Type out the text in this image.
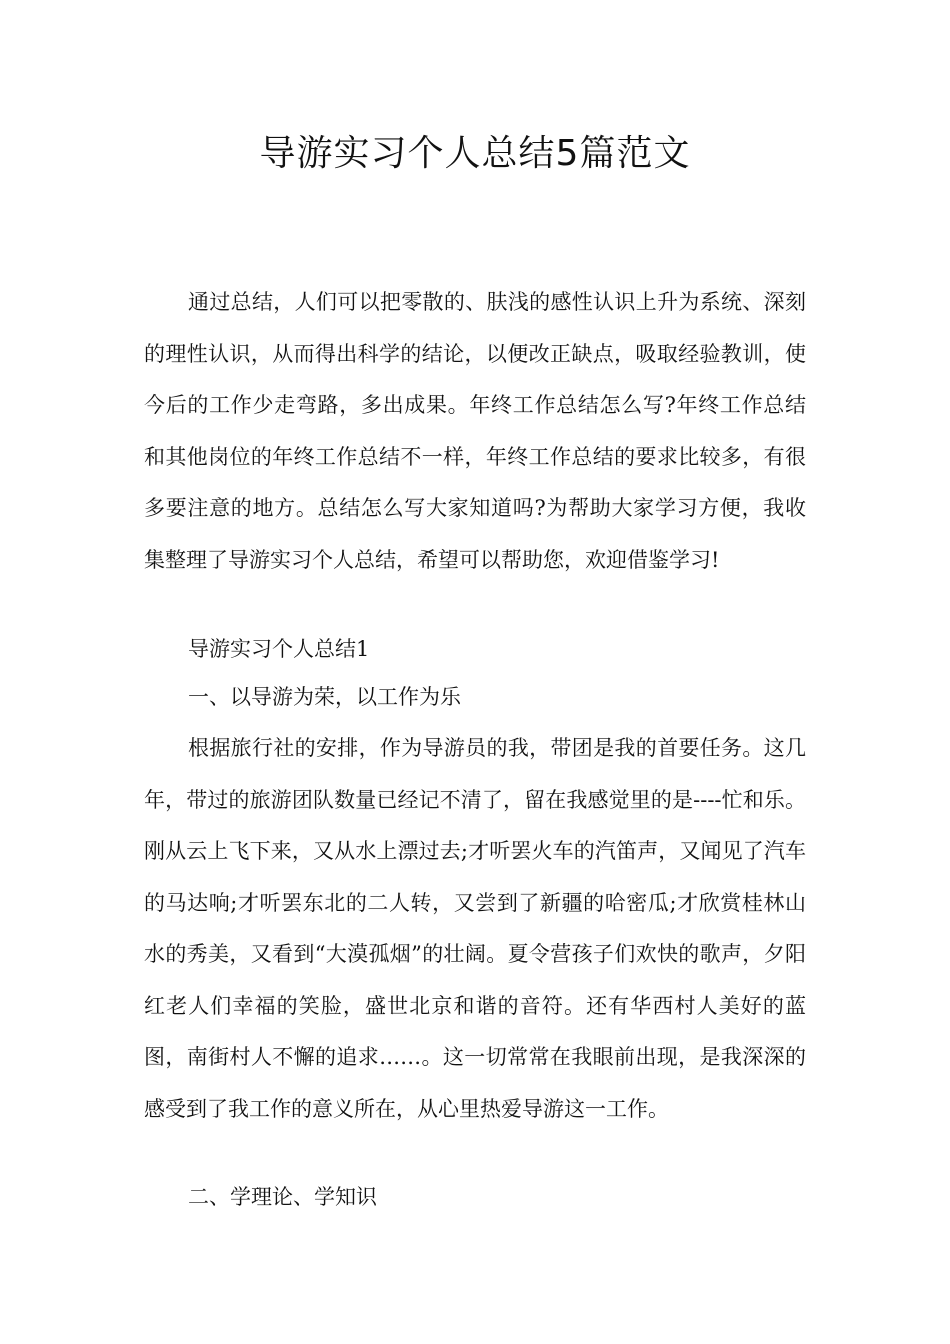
导游实习个人总结5篇范文

通过总结，人们可以把零散的、肤浅的感性认识上升为系统、深刻的理性认识，从而得出科学的结论，以便改正缺点，吸取经验教训，使今后的工作少走弯路，多出成果。年终工作总结怎么写?年终工作总结和其他岗位的年终工作总结不一样，年终工作总结的要求比较多，有很多要注意的地方。总结怎么写大家知道吗?为帮助大家学习方便，我收集整理了导游实习个人总结，希望可以帮助您，欢迎借鉴学习!

导游实习个人总结1

一、以导游为荣，以工作为乐

根据旅行社的安排，作为导游员的我，带团是我的首要任务。这几年，带过的旅游团队数量已经记不清了，留在我感觉里的是----忙和乐。刚从云上飞下来，又从水上漂过去;才听罢火车的汽笛声，又闻见了汽车的马达响;才听罢东北的二人转，又尝到了新疆的哈密瓜;才欣赏桂林山水的秀美，又看到“大漠孤烟”的壮阔。夏令营孩子们欢快的歌声，夕阳红老人们幸福的笑脸，盛世北京和谐的音符。还有华西村人美好的蓝图，南街村人不懈的追求……。这一切常常在我眼前出现，是我深深的感受到了我工作的意义所在，从心里热爱导游这一工作。

二、学理论、学知识
